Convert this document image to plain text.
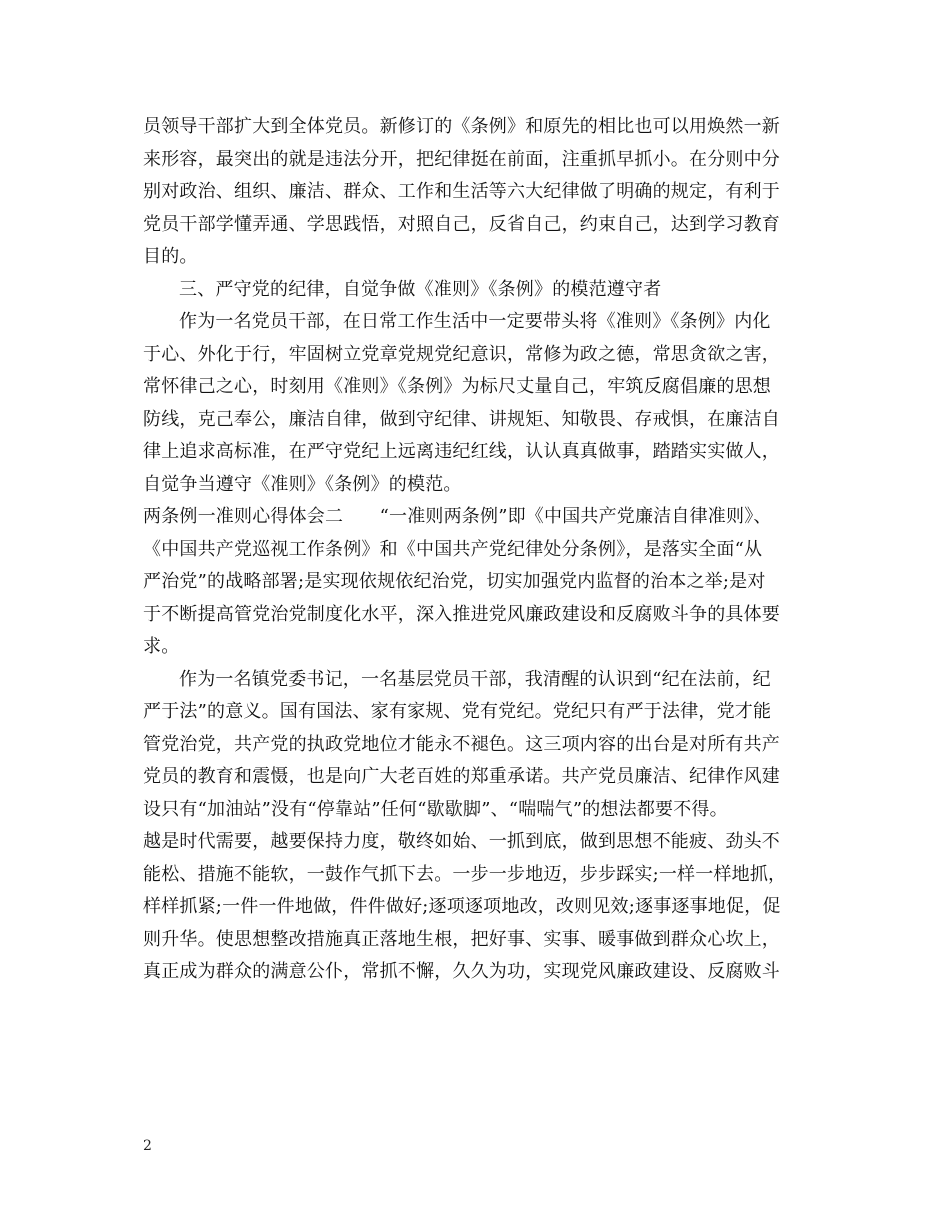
员领导干部扩大到全体党员。新修订的《条例》和原先的相比也可以用焕然一新
来形容，最突出的就是违法分开，把纪律挺在前面，注重抓早抓小。在分则中分
别对政治、组织、廉洁、群众、工作和生活等六大纪律做了明确的规定，有利于
党员干部学懂弄通、学思践悟，对照自己，反省自己，约束自己，达到学习教育
目的。
三、严守党的纪律，自觉争做《准则》《条例》的模范遵守者
作为一名党员干部，在日常工作生活中一定要带头将《准则》《条例》内化
于心、外化于行，牢固树立党章党规党纪意识，常修为政之德，常思贪欲之害，
常怀律己之心，时刻用《准则》《条例》为标尺丈量自己，牢筑反腐倡廉的思想
防线，克己奉公，廉洁自律，做到守纪律、讲规矩、知敬畏、存戒惧，在廉洁自
律上追求高标准，在严守党纪上远离违纪红线，认认真真做事，踏踏实实做人，
自觉争当遵守《准则》《条例》的模范。
两条例一准则心得体会二　　“一准则两条例”即《中国共产党廉洁自律准则》、
《中国共产党巡视工作条例》和《中国共产党纪律处分条例》，是落实全面“从
严治党”的战略部署;是实现依规依纪治党，切实加强党内监督的治本之举;是对
于不断提高管党治党制度化水平，深入推进党风廉政建设和反腐败斗争的具体要
求。
作为一名镇党委书记，一名基层党员干部，我清醒的认识到“纪在法前，纪
严于法”的意义。国有国法、家有家规、党有党纪。党纪只有严于法律，党才能
管党治党，共产党的执政党地位才能永不褪色。这三项内容的出台是对所有共产
党员的教育和震慑，也是向广大老百姓的郑重承诺。共产党员廉洁、纪律作风建
设只有“加油站”没有“停靠站”任何“歇歇脚”、“喘喘气”的想法都要不得。
越是时代需要，越要保持力度，敬终如始、一抓到底，做到思想不能疲、劲头不
能松、措施不能软，一鼓作气抓下去。一步一步地迈，步步踩实;一样一样地抓，
样样抓紧;一件一件地做，件件做好;逐项逐项地改，改则见效;逐事逐事地促，促
则升华。使思想整改措施真正落地生根，把好事、实事、暖事做到群众心坎上，
真正成为群众的满意公仆，常抓不懈，久久为功，实现党风廉政建设、反腐败斗
2
